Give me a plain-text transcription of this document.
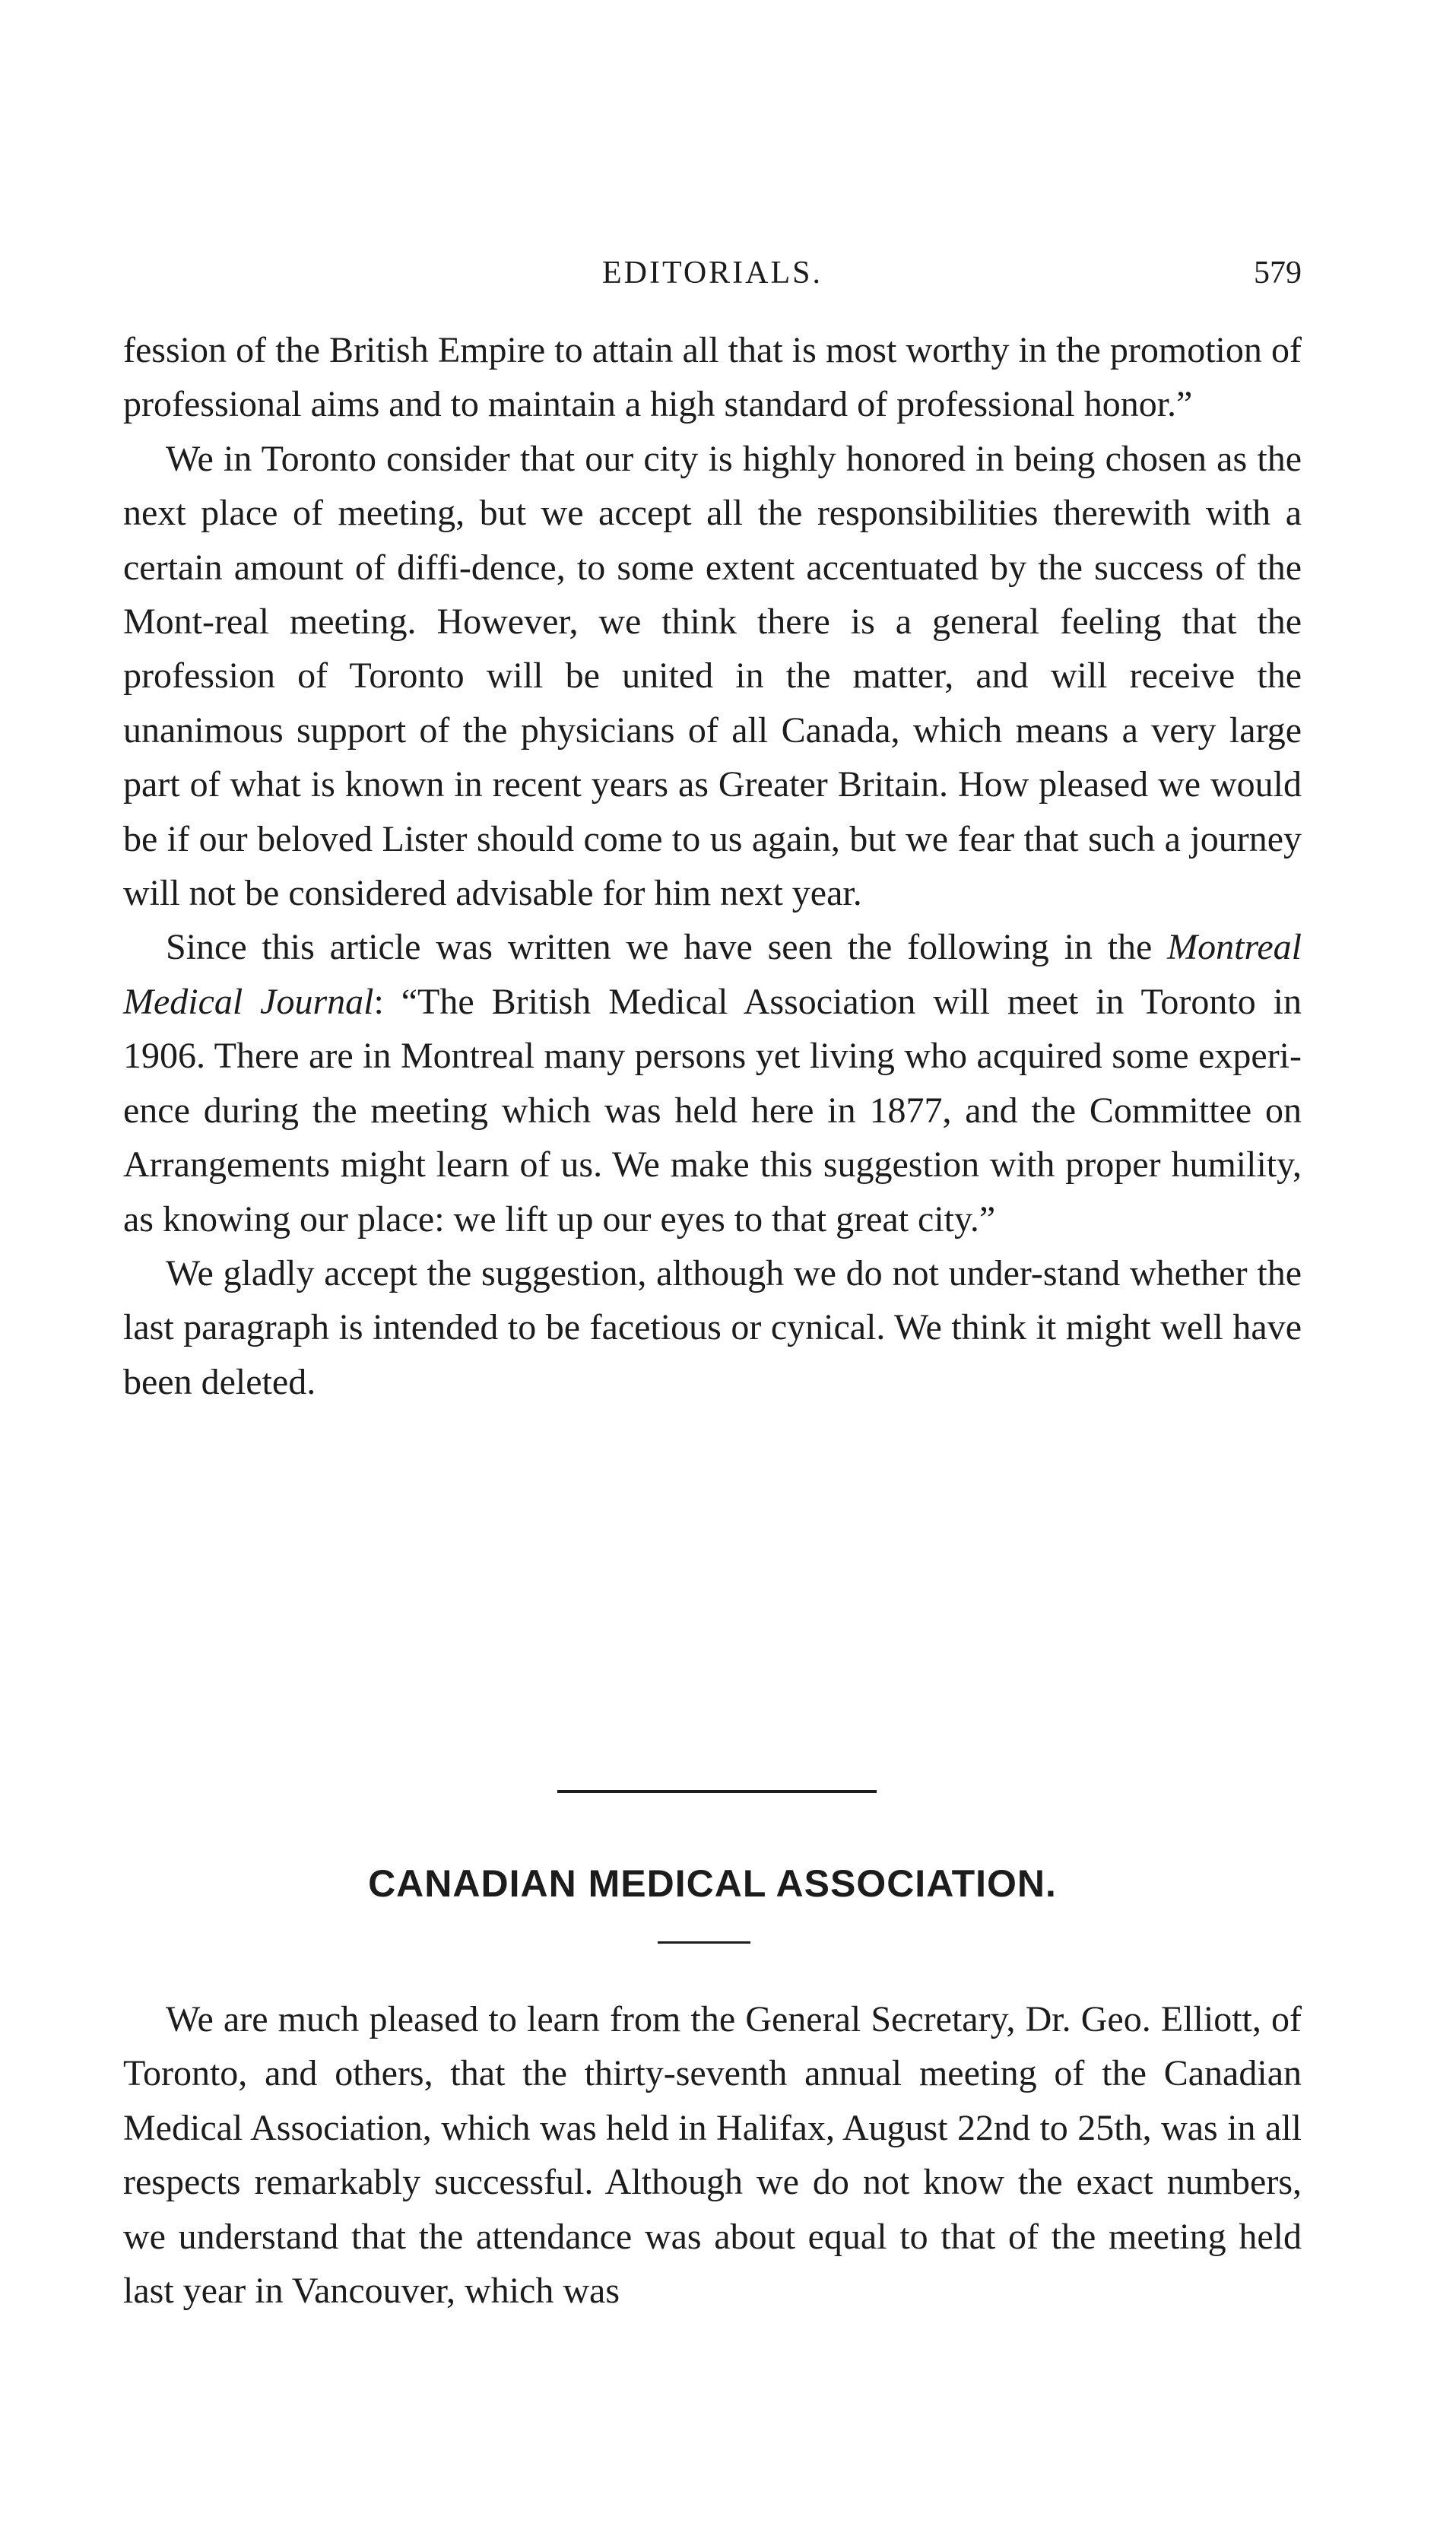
EDITORIALS.	579

fession of the British Empire to attain all that is most worthy in the promotion of professional aims and to maintain a high standard of professional honor.”

We in Toronto consider that our city is highly honored in being chosen as the next place of meeting, but we accept all the responsibilities therewith with a certain amount of diffi-dence, to some extent accentuated by the success of the Mont-real meeting. However, we think there is a general feeling that the profession of Toronto will be united in the matter, and will receive the unanimous support of the physicians of all Canada, which means a very large part of what is known in recent years as Greater Britain. How pleased we would be if our beloved Lister should come to us again, but we fear that such a journey will not be considered advisable for him next year.

Since this article was written we have seen the following in the Montreal Medical Journal: “The British Medical Association will meet in Toronto in 1906. There are in Montreal many persons yet living who acquired some experi-ence during the meeting which was held here in 1877, and the Committee on Arrangements might learn of us. We make this suggestion with proper humility, as knowing our place: we lift up our eyes to that great city.”

We gladly accept the suggestion, although we do not under-stand whether the last paragraph is intended to be facetious or cynical. We think it might well have been deleted.

CANADIAN MEDICAL ASSOCIATION.

We are much pleased to learn from the General Secretary, Dr. Geo. Elliott, of Toronto, and others, that the thirty-seventh annual meeting of the Canadian Medical Association, which was held in Halifax, August 22nd to 25th, was in all respects remarkably successful. Although we do not know the exact numbers, we understand that the attendance was about equal to that of the meeting held last year in Vancouver, which was
